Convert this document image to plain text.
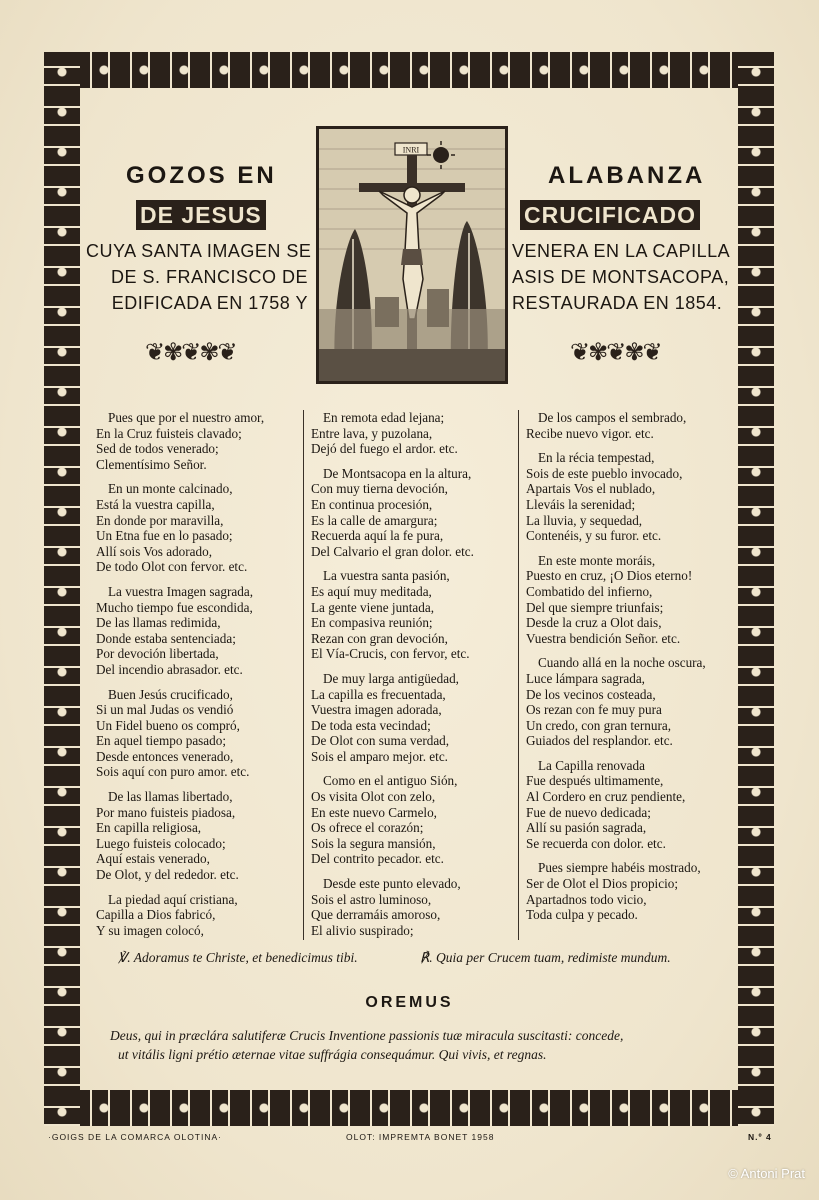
GOZOS EN	ALABANZA
DE JESUS	CRUCIFICADO
CUYA SANTA IMAGEN SE
DE S. FRANCISCO DE
EDIFICADA EN 1758 Y
VENERA EN LA CAPILLA
ASIS DE MONTSACOPA,
RESTAURADA EN 1854.
INRI
❦✾❦✾❦	❦✾❦✾❦
Pues que por el nuestro amor,
En la Cruz fuisteis clavado;
Sed de todos venerado;
Clementísimo Señor.
En un monte calcinado,
Está la vuestra capilla,
En donde por maravilla,
Un Etna fue en lo pasado;
Allí sois Vos adorado,
De todo Olot con fervor. etc.
La vuestra Imagen sagrada,
Mucho tiempo fue escondida,
De las llamas redimida,
Donde estaba sentenciada;
Por devoción libertada,
Del incendio abrasador. etc.
Buen Jesús crucificado,
Si un mal Judas os vendió
Un Fidel bueno os compró,
En aquel tiempo pasado;
Desde entonces venerado,
Sois aquí con puro amor. etc.
De las llamas libertado,
Por mano fuisteis piadosa,
En capilla religiosa,
Luego fuisteis colocado;
Aquí estais venerado,
De Olot, y del rededor. etc.
La piedad aquí cristiana,
Capilla a Dios fabricó,
Y su imagen colocó,
En remota edad lejana;
Entre lava, y puzolana,
Dejó del fuego el ardor. etc.
De Montsacopa en la altura,
Con muy tierna devoción,
En continua procesión,
Es la calle de amargura;
Recuerda aquí la fe pura,
Del Calvario el gran dolor. etc.
La vuestra santa pasión,
Es aquí muy meditada,
La gente viene juntada,
En compasiva reunión;
Rezan con gran devoción,
El Vía-Crucis, con fervor, etc.
De muy larga antigüedad,
La capilla es frecuentada,
Vuestra imagen adorada,
De toda esta vecindad;
De Olot con suma verdad,
Sois el amparo mejor. etc.
Como en el antiguo Sión,
Os visita Olot con zelo,
En este nuevo Carmelo,
Os ofrece el corazón;
Sois la segura mansión,
Del contrito pecador. etc.
Desde este punto elevado,
Sois el astro luminoso,
Que derramáis amoroso,
El alivio suspirado;
De los campos el sembrado,
Recibe nuevo vigor. etc.
En la récia tempestad,
Sois de este pueblo invocado,
Apartais Vos el nublado,
Lleváis la serenidad;
La lluvia, y sequedad,
Contenéis, y su furor. etc.
En este monte moráis,
Puesto en cruz, ¡O Dios eterno!
Combatido del infierno,
Del que siempre triunfais;
Desde la cruz a Olot dais,
Vuestra bendición Señor. etc.
Cuando allá en la noche oscura,
Luce lámpara sagrada,
De los vecinos costeada,
Os rezan con fe muy pura
Un credo, con gran ternura,
Guiados del resplandor. etc.
La Capilla renovada
Fue después ultimamente,
Al Cordero en cruz pendiente,
Fue de nuevo dedicada;
Allí su pasión sagrada,
Se recuerda con dolor. etc.
Pues siempre habéis mostrado,
Ser de Olot el Dios propicio;
Apartadnos todo vicio,
Toda culpa y pecado.
℣. Adoramus te Christe, et benedicimus tibi.	℟. Quia per Crucem tuam, redimiste mundum.
OREMUS
Deus, qui in præclára salutiferæ Crucis Inventione passionis tuæ miracula suscitasti: concede,
ut vitális ligni prétio æternae vitae suffrágia consequámur. Qui vivis, et regnas.
·GOIGS DE LA COMARCA OLOTINA·	OLOT: IMPREMTA BONET 1958	N.º 4
© Antoni Prat
